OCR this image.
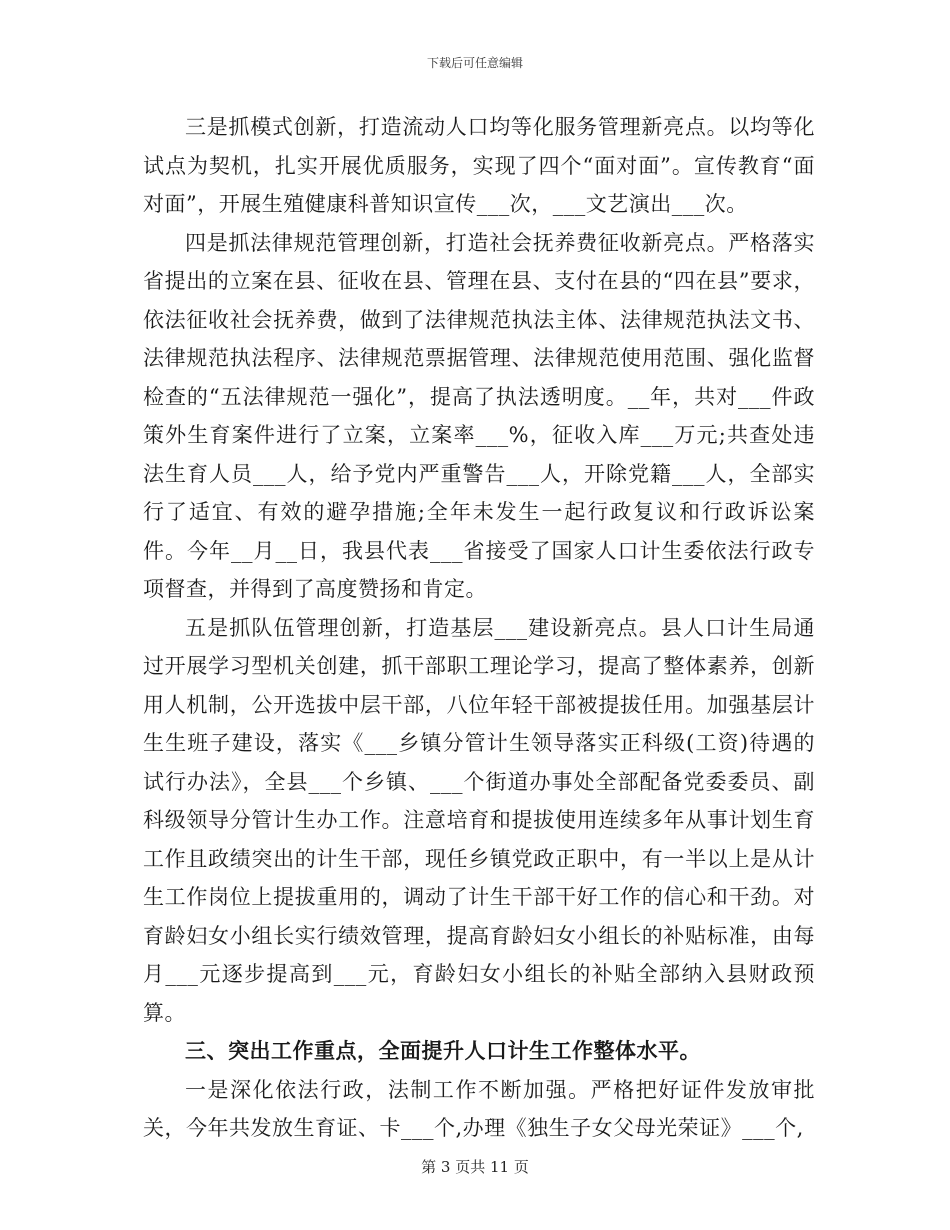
下载后可任意编辑

三是抓模式创新，打造流动人口均等化服务管理新亮点。以均等化试点为契机，扎实开展优质服务，实现了四个“面对面”。宣传教育“面对面”，开展生殖健康科普知识宣传___次，___文艺演出___次。

四是抓法律规范管理创新，打造社会抚养费征收新亮点。严格落实省提出的立案在县、征收在县、管理在县、支付在县的“四在县”要求，依法征收社会抚养费，做到了法律规范执法主体、法律规范执法文书、法律规范执法程序、法律规范票据管理、法律规范使用范围、强化监督检查的“五法律规范一强化”，提高了执法透明度。__年，共对___件政策外生育案件进行了立案，立案率___%，征收入库___万元;共查处违法生育人员___人，给予党内严重警告___人，开除党籍___人，全部实行了适宜、有效的避孕措施;全年未发生一起行政复议和行政诉讼案件。今年__月__日，我县代表___省接受了国家人口计生委依法行政专项督查，并得到了高度赞扬和肯定。

五是抓队伍管理创新，打造基层___建设新亮点。县人口计生局通过开展学习型机关创建，抓干部职工理论学习，提高了整体素养，创新用人机制，公开选拔中层干部，八位年轻干部被提拔任用。加强基层计生生班子建设，落实《___乡镇分管计生领导落实正科级(工资)待遇的试行办法》，全县___个乡镇、___个街道办事处全部配备党委委员、副科级领导分管计生办工作。注意培育和提拔使用连续多年从事计划生育工作且政绩突出的计生干部，现任乡镇党政正职中，有一半以上是从计生工作岗位上提拔重用的，调动了计生干部干好工作的信心和干劲。对育龄妇女小组长实行绩效管理，提高育龄妇女小组长的补贴标准，由每月___元逐步提高到___元，育龄妇女小组长的补贴全部纳入县财政预算。

三、突出工作重点，全面提升人口计生工作整体水平。

一是深化依法行政，法制工作不断加强。严格把好证件发放审批关，今年共发放生育证、卡___个,办理《独生子女父母光荣证》___个,

第 3 页共 11 页
